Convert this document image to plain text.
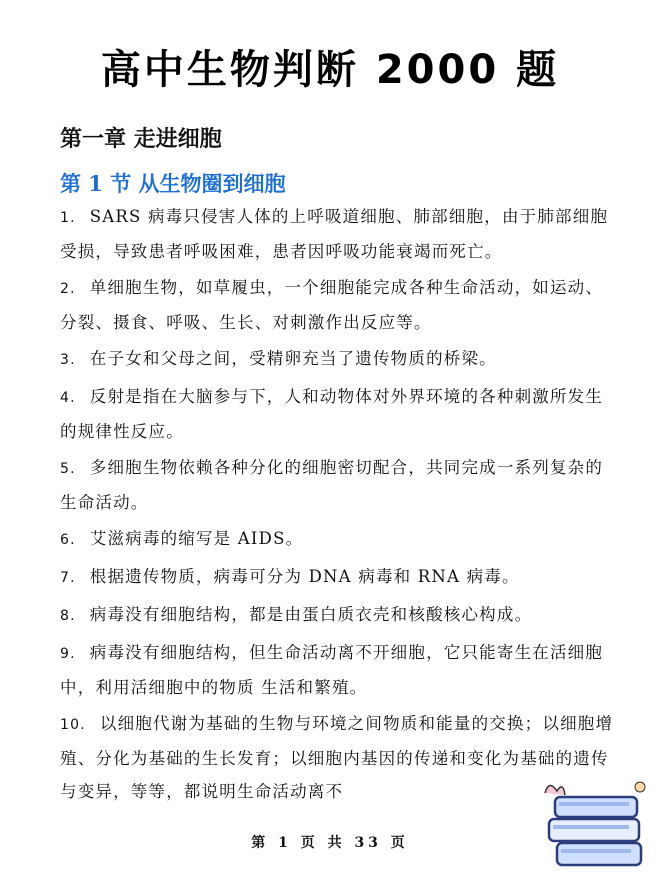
高中生物判断 2000 题
第一章 走进细胞
第 1 节 从生物圈到细胞
1. SARS 病毒只侵害人体的上呼吸道细胞、肺部细胞，由于肺部细胞受损，导致患者呼吸困难，患者因呼吸功能衰竭而死亡。
2. 单细胞生物，如草履虫，一个细胞能完成各种生命活动，如运动、分裂、摄食、呼吸、生长、对刺激作出反应等。
3. 在子女和父母之间，受精卵充当了遗传物质的桥梁。
4. 反射是指在大脑参与下，人和动物体对外界环境的各种刺激所发生的规律性反应。
5. 多细胞生物依赖各种分化的细胞密切配合，共同完成一系列复杂的生命活动。
6. 艾滋病毒的缩写是 AIDS。
7. 根据遗传物质，病毒可分为 DNA 病毒和 RNA 病毒。
8. 病毒没有细胞结构，都是由蛋白质衣壳和核酸核心构成。
9. 病毒没有细胞结构，但生命活动离不开细胞，它只能寄生在活细胞中，利用活细胞中的物质 生活和繁殖。
10. 以细胞代谢为基础的生物与环境之间物质和能量的交换；以细胞增殖、分化为基础的生长发育；以细胞内基因的传递和变化为基础的遗传与变异，等等，都说明生命活动离不
第 1 页 共 33 页
